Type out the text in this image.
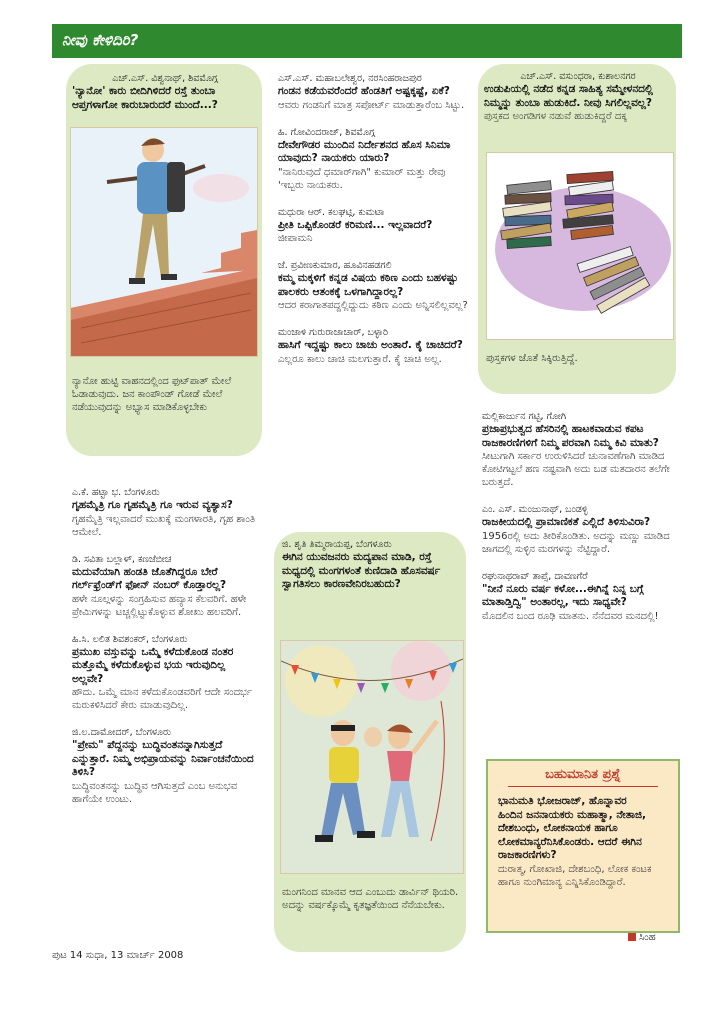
ನೀವು ಕೇಳಿದಿರಿ?
ಎಚ್.ಎಸ್. ವಿಶ್ವನಾಥ್, ಶಿವಮೊಗ್ಗ
'ನ್ಯಾನೋ' ಕಾರು ಬೀದಿಗಿಳಿದರೆ ರಸ್ತೆ ತುಂಬಾ ಆಪ್ತಗಳಾಗೋ ಕಾರುಬಾರುದರೆ ಮುಂದೆ...?
ನ್ಯಾನೋ ಹುಟ್ಟಿ ವಾಹನದಲ್ಲಿಂದ ಫುಟ್‌ಪಾತ್ ಮೇಲೆ ಓಡಾಡುವುದು. ಜನ ಕಾಂಪೌಂಡ್ ಗೋಡೆ ಮೇಲೆ ನಡೆಯುವುದನ್ನು ಅಭ್ಯಾಸ ಮಾಡಿಕೊಳ್ಳಬೇಕು
ಎ.ಕೆ. ಹಟ್ಟಾ ಭ. ಬೆಂಗಳೂರು
ಗೃಹಮೈತ್ರಿ ಗೂ ಗೃಹಮೈತ್ರಿ ಗೂ ಇರುವ ವ್ಯತ್ಯಾಸ?
ಗೃಹಮೈತ್ರಿ ಇಲ್ಲವಾದರೆ ಮುಖಕ್ಕೆ ಮಂಗಳಾರತಿ, ಗೃಹ ಶಾಂತಿ ಆಮೇಲೆ.
ಡಿ. ಸವಿತಾ ಬಲ್ಲಾಳ್, ಕಣಜೆಬೀಚ
ಮದುವೆಯಾಗಿ ಹಂಡತಿ ಜೊತೆಗಿದ್ದರೂ ಬೇರೆ ಗರ್ಲ್‌ಫ್ರೆಂಡ್‌ಗೆ ಫೋನ್ ನಂಬರ್ ಕೊಡ್ತಾರಲ್ಲ?
ಹಳೇ ನೂಲ್ಗಳನ್ನು ಸಂಗ್ರಹಿಸುವ ಹವ್ಯಾಸ ಕೆಲವರಿಗೆ. ಹಳೇ ಪ್ರೇಮಿಗಳನ್ನು ಟಚ್ಚಲ್ಲಿಟ್ಟುಕೊಳ್ಳುವ ಶೋಖು ಹಲವರಿಗೆ.
ಹಿ.ಸಿ. ಲಲಿತ ಶಿವಶಂಕರ್, ಬೆಂಗಳೂರು
ಪ್ರಮುಖ ವಸ್ತುವನ್ನು ಒಮ್ಮೆ ಕಳೆದುಕೊಂಡ ನಂತರ ಮತ್ತೊಮ್ಮೆ ಕಳೆದುಕೊಳ್ಳುವ ಭಯ ಇರುವುದಿಲ್ಲ ಅಲ್ಲವೇ?
ಹೌದು. ಒಮ್ಮೆ ಮಾನ ಕಳೆದುಕೊಂಡವರಿಗೆ ಆದೇ ಸಂದರ್ಭ ಮರುಕಳಿಸಿದರೆ ಕೇರು ಮಾಡುವುದಿಲ್ಲ.
ಜಿ.ಲ.ದಾಮೋದರ್, ಬೆಂಗಳೂರು
"ಪ್ರೇಮ" ಪೆದ್ದನನ್ನು ಬುದ್ಧಿವಂತನನ್ನಾಗಿಸುತ್ತದೆ ಎನ್ನುತ್ತಾರೆ. ನಿಮ್ಮ ಅಭಿಪ್ರಾಯವನ್ನು ನಿರ್ವಾಂಚನೆಯಿಂದ ತಿಳಿಸಿ?
ಬುದ್ಧಿವಂತನನ್ನು ಬುದ್ಧಿವ ಆಗಿಸುತ್ತದೆ ಎಂಬ ಅನುಭವ ಹಾಗೆಯೇ ಉಂಟು.
ಎಸ್.ಎಸ್. ಮಹಾಬಲೇಶ್ವರ, ನರಸಿಂಹರಾಜಪುರ
ಗಂಡನ ಕಡೆಯವರೆಂದರೆ ಹೆಂಡತಿಗೆ ಅಷ್ಟಕ್ಕಷ್ಟೆ, ಏಕೆ?
ಆವರು ಗಂಡನಿಗೆ ಮಾತ್ರ ಸಪೋರ್ಟ್ ಮಾಡುತ್ತಾರೆಂಬ ಸಿಟ್ಟು.
ಹಿ. ಗೋವಿಂದರಾಜ್, ಶಿವಮೊಗ್ಗ
ದೇವೇಗೌಡರ ಮುಂದಿನ ನಿರ್ದೇಶನದ ಹೊಸ ಸಿನಿಮಾ ಯಾವುದು? ನಾಯಕರು ಯಾರು?
"ನಾನಿರುವುದೆ ಧಮಾರ್‌ಗಾಗಿ" ಕುಮಾರ್ ಮತ್ತು ರೇವು 'ಇಬ್ಬರು ನಾಯಕರು.
ಮಧುರಾ ಆರ್. ಕಲಘಟ್ಗಿ, ಕುಮಟಾ
ಪ್ರೀತಿ ಒಪ್ಪಿಕೊಂಡರೆ ಕರಿಮಣಿ... ಇಲ್ಲವಾದರೆ?
ಜೀಪಾಮನಿ
ಜೆ. ಪ್ರವೀಣಕುಮಾರ, ಹೂವಿನಹಡಗಲಿ
ಕಮ್ಮ ಮಕ್ಕಳಿಗೆ ಕನ್ನಡ ವಿಷಯ ಕಠಿಣ ಎಂದು ಬಹಳಷ್ಟು ಪಾಲಕರು ಆತಂಕಕ್ಕೆ ಒಳಗಾಗಿದ್ದಾರಲ್ಲ?
ಆದರ ಕರಾಗಾತಪದ್ದಲ್ಲಿದ್ದುದು ಕಠಿಣ ಎಂದು ಅನ್ನಿಸಲಿಲ್ಲವಲ್ಲ?
ಮಂಜಾಳಿ ಗುರುರಾಜಾಚಾರ್, ಬಳ್ಳಾರಿ
ಹಾಸಿಗೆ ಇದ್ದಷ್ಟು ಕಾಲು ಚಾಚು ಅಂತಾರೆ. ಕೈ ಚಾಚಿದರೆ?
ಎಲ್ಲರೂ ಕಾಲು ಚಾಚಿ ಮಲಗುತ್ತಾರೆ. ಕೈ ಚಾಚಿ ಅಲ್ಲ.
ಜಿ. ಶೃತಿ ತಿಮ್ಮರಾಯಪ್ಪ, ಬೆಂಗಳೂರು
ಈಗಿನ ಯುವಜನರು ಮದ್ಯಪಾನ ಮಾಡಿ, ರಸ್ತೆ ಮಧ್ಯದಲ್ಲಿ ಮಂಗಗಳಂತೆ ಕುಣಿದಾಡಿ ಹೊಸವರ್ಷ ಸ್ವಾಗತಿಸಲು ಕಾರಣವೇನಿರಬಹುದು?
ಮಂಗನಿಂದ ಮಾನವ ಆದ ಎಂಬುದು ಡಾರ್ವಿನ್ ಥಿಯರಿ. ಅದನ್ನು ವರ್ಷಕ್ಕೊಮ್ಮೆ ಕೃತಜ್ಞತೆಯಿಂದ ನೆನೆಯಬೇಕು.
ಎಚ್.ಎಸ್. ವಸುಂಧರಾ, ಕುಶಾಲನಗರ
ಉಡುಪಿಯಲ್ಲಿ ನಡೆದ ಕನ್ನಡ ಸಾಹಿತ್ಯ ಸಮ್ಮೇಳನದಲ್ಲಿ ನಿಮ್ಮನ್ನು ತುಂಬಾ ಹುಡುಕಿದೆ. ನೀವು ಸಿಗಲಿಲ್ಲವಲ್ಲ?
ಪುಸ್ತಕದ ಅಂಗಡಿಗಳ ನಡುವೆ ಹುಡುಕಿದ್ದರೆ ದಕ್ಕ
ಪುಸ್ತಕಗಳ ಜೊತೆ ಸಿಕ್ಕಿರುತ್ತಿದ್ದೆ.
ಮಲ್ಲಿಕಾರ್ಜುನ ಗಟ್ಟಿ, ಗೋಗಿ
ಪ್ರಜಾಪ್ರಭುತ್ವದ ಹೆಸರಿನಲ್ಲಿ ಹಾಟಕವಾಡುವ ಕಪಟ ರಾಜಕಾರಣಿಗಳಿಗೆ ನಿಮ್ಮ ಪರವಾಗಿ ನಿಮ್ಮ ಕಿವಿ ಮಾತು?
ಸೀಟುಗಾಗಿ ಸರ್ಕಾರ ಉರುಳಿಸಿದರೆ ಚುನಾವಣೆಗಾಗಿ ಮಾಡಿದ ಕೋಟಿಗಟ್ಟಲೆ ಹಣ ನಷ್ಟವಾಗಿ ಅದು ಬಡ ಮತದಾರನ ತಲೆಗೇ ಬರುತ್ತದೆ.
ಎಂ. ಎಸ್. ಮಂಜುನಾಥ್, ಬಂಡಳ್ಳಿ
ರಾಜಕೀಯದಲ್ಲಿ ಪ್ರಾಮಾಣಿಕತೆ ಎಲ್ಲಿದೆ ತಿಳಿಸುವಿರಾ?
1956ರಲ್ಲಿ ಅದು ತೀರಿಕೊಂಡಿತು. ಅದನ್ನು ಮಣ್ಣು ಮಾಡಿದ ಜಾಗದಲ್ಲಿ ಸುಳ್ಳಿನ ಮರಗಳನ್ನು ನೆಟ್ಟಿದ್ದಾರೆ.
ರಘುನಾಥರಾವ್ ತಾಪ್ಸೆ, ದಾವಣಗೆರೆ
"ನೀನೆ ನೂರು ವರ್ಷ ಕಳೋ...ಈಗಿನ್ನೆ ನಿನ್ನ ಬಗ್ಗೆ ಮಾತಾಡ್ತಿದ್ವಿ" ಅಂತಾರಲ್ಲ, ಇದು ಸಾಧ್ಯವೇ?
ಮೊದಲಿನ ಬಂದ ರೂಢಿ ಮಾತನು. ನೆನೆದವರ ಮನದಲ್ಲಿ!
ಬಹುಮಾನಿತ ಪ್ರಶ್ನೆ
ಭಾನುಮತಿ ಭೋಜರಾಜ್, ಹೊನ್ನಾವರ
ಹಿಂದಿನ ಜನನಾಯಕರು ಮಹಾತ್ಮಾ, ನೇತಾಜಿ, ದೇಶಬಂಧು, ಲೋಕನಾಯಕ ಹಾಗೂ ಲೋಕಮಾನ್ಯರೆನಿಸಿಕೊಂಡರು. ಆದರೆ ಈಗಿನ ರಾಜಕಾರಣಿಗಳು?
ದುರಾತ್ಮ, ಗೋಖಾಜಿ, ದೇಶಬಂಧಿ, ಲೋಕ ಕಂಟಕ ಹಾಗೂ ನುಂಗಿಮಾನ್ಯ ಎನ್ನಿಸಿಕೊಂಡಿದ್ದಾರೆ.
ಸಿಂಹ
ಪುಟ 14 ಸುಧಾ, 13 ಮಾರ್ಚ್ 2008
